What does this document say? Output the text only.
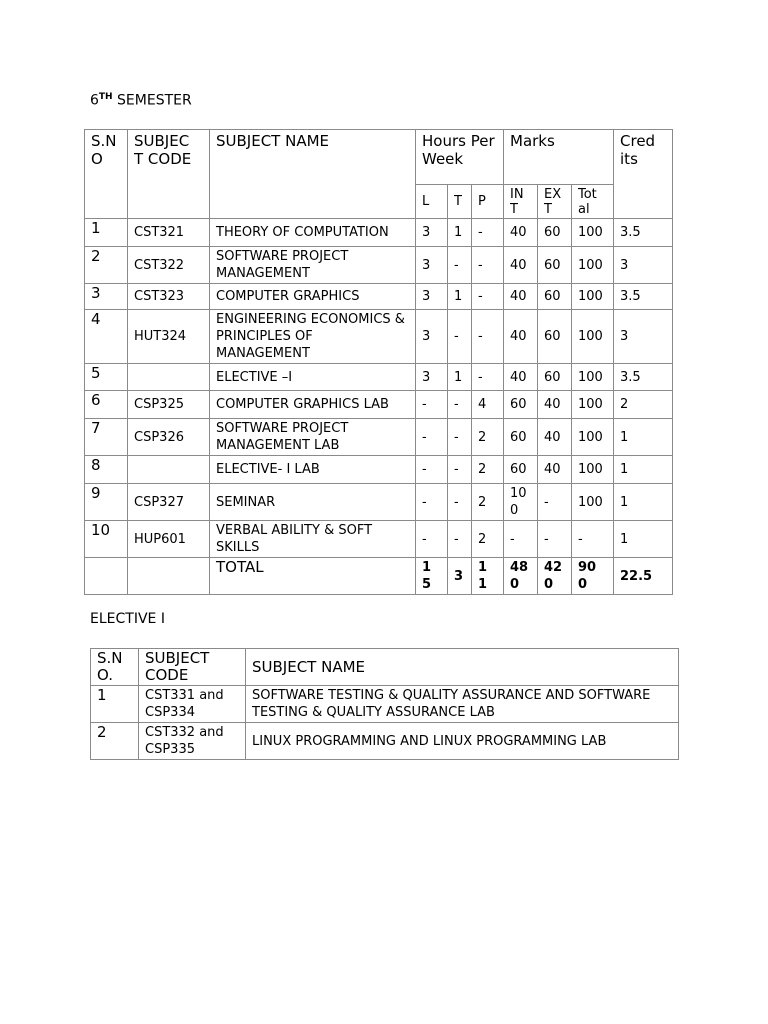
6TH SEMESTER
S.N O	SUBJEC T CODE	SUBJECT NAME	Hours Per Week			Marks			Cred its
			L	T	P	IN T	EX T	Tot al	
1	CST321	THEORY OF COMPUTATION	3	1	-	40	60	100	3.5
2	CST322	SOFTWARE PROJECT MANAGEMENT	3	-	-	40	60	100	3
3	CST323	COMPUTER GRAPHICS	3	1	-	40	60	100	3.5
4	HUT324	ENGINEERING ECONOMICS & PRINCIPLES OF MANAGEMENT	3	-	-	40	60	100	3
5		ELECTIVE –I	3	1	-	40	60	100	3.5
6	CSP325	COMPUTER GRAPHICS LAB	-	-	4	60	40	100	2
7	CSP326	SOFTWARE PROJECT MANAGEMENT LAB	-	-	2	60	40	100	1
8		ELECTIVE- I LAB	-	-	2	60	40	100	1
9	CSP327	SEMINAR	-	-	2	10 0	-	100	1
10	HUP601	VERBAL ABILITY & SOFT SKILLS	-	-	2	-	-	-	1
		TOTAL	1 5	3	1 1	48 0	42 0	90 0	22.5
ELECTIVE I
S.N O.	SUBJECT CODE	SUBJECT NAME
1	CST331 and CSP334	SOFTWARE TESTING & QUALITY ASSURANCE AND SOFTWARE TESTING & QUALITY ASSURANCE LAB
2	CST332 and CSP335	LINUX PROGRAMMING AND LINUX PROGRAMMING LAB
